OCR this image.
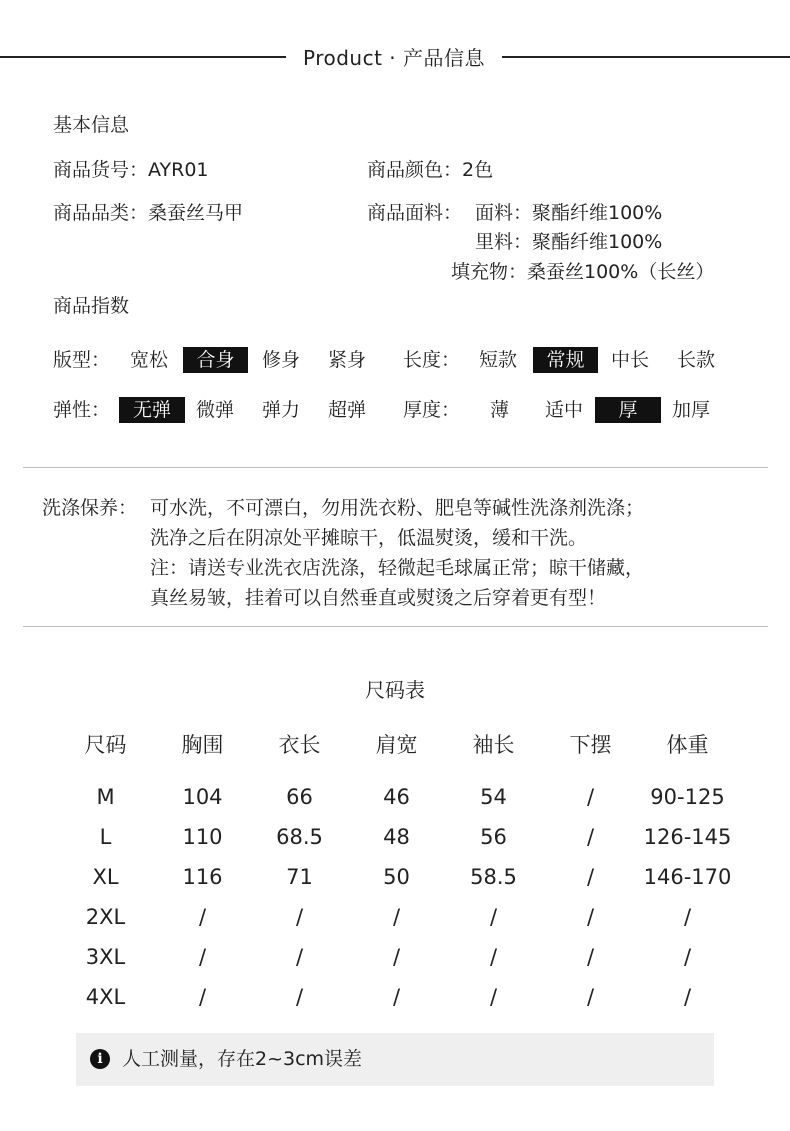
Product · 产品信息
基本信息
商品货号：AYR01	商品颜色：2色
商品品类：桑蚕丝马甲	商品面料： 面料：聚酯纤维100%
里料：聚酯纤维100%
填充物：桑蚕丝100%（长丝）
商品指数
版型： 宽松	合身	修身 紧身 长度： 短款	常规	中长 长款
弹性：	无弹	微弹 弹力 超弹 厚度： 薄 适中	厚	加厚
洗涤保养： 可水洗，不可漂白，勿用洗衣粉、肥皂等碱性洗涤剂洗涤；
洗净之后在阴凉处平摊晾干，低温熨烫，缓和干洗。
注：请送专业洗衣店洗涤，轻微起毛球属正常；晾干储藏，
真丝易皱，挂着可以自然垂直或熨烫之后穿着更有型！
尺码表
尺码	胸围	衣长	肩宽	袖长	下摆	体重
M	104	66	46	54	/	90-125
L	110	68.5	48	56	/	126-145
XL	116	71	50	58.5	/	146-170
2XL	/	/	/	/	/	/
3XL	/	/	/	/	/	/
4XL	/	/	/	/	/	/
i	人工测量，存在2~3cm误差
